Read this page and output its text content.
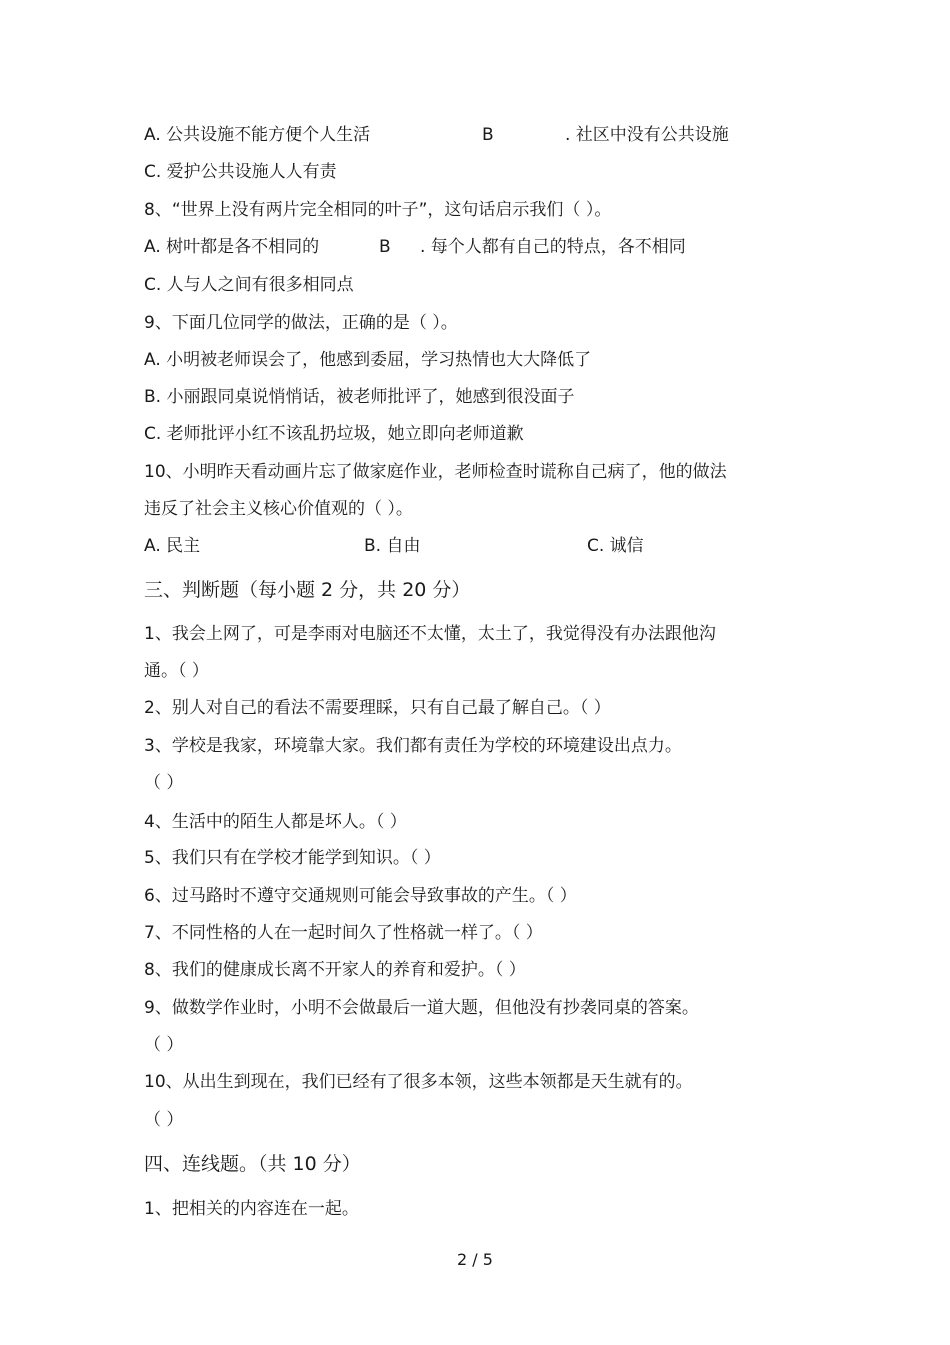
A. 公共设施不能方便个人生活	B	. 社区中没有公共设施
C. 爱护公共设施人人有责
8、“世界上没有两片完全相同的叶子”，这句话启示我们（ ）。
A. 树叶都是各不相同的	B . 每个人都有自己的特点，各不相同
C. 人与人之间有很多相同点
9、下面几位同学的做法，正确的是（ ）。
A. 小明被老师误会了，他感到委屈，学习热情也大大降低了
B. 小丽跟同桌说悄悄话，被老师批评了，她感到很没面子
C. 老师批评小红不该乱扔垃圾，她立即向老师道歉
10、小明昨天看动画片忘了做家庭作业，老师检查时谎称自己病了，他的做法
违反了社会主义核心价值观的（ ）。
A. 民主	B. 自由	C. 诚信
三、判断题（每小题 2 分，共 20 分）
1、我会上网了，可是李雨对电脑还不太懂，太土了，我觉得没有办法跟他沟
通。（ ）
2、别人对自己的看法不需要理睬，只有自己最了解自己。（ ）
3、学校是我家，环境靠大家。我们都有责任为学校的环境建设出点力。
（ ）
4、生活中的陌生人都是坏人。（ ）
5、我们只有在学校才能学到知识。（ ）
6、过马路时不遵守交通规则可能会导致事故的产生。（ ）
7、不同性格的人在一起时间久了性格就一样了。（ ）
8、我们的健康成长离不开家人的养育和爱护。（ ）
9、做数学作业时，小明不会做最后一道大题，但他没有抄袭同桌的答案。
（ ）
10、从出生到现在，我们已经有了很多本领，这些本领都是天生就有的。
（ ）
四、连线题。（共 10 分）
1、把相关的内容连在一起。
2 / 5
